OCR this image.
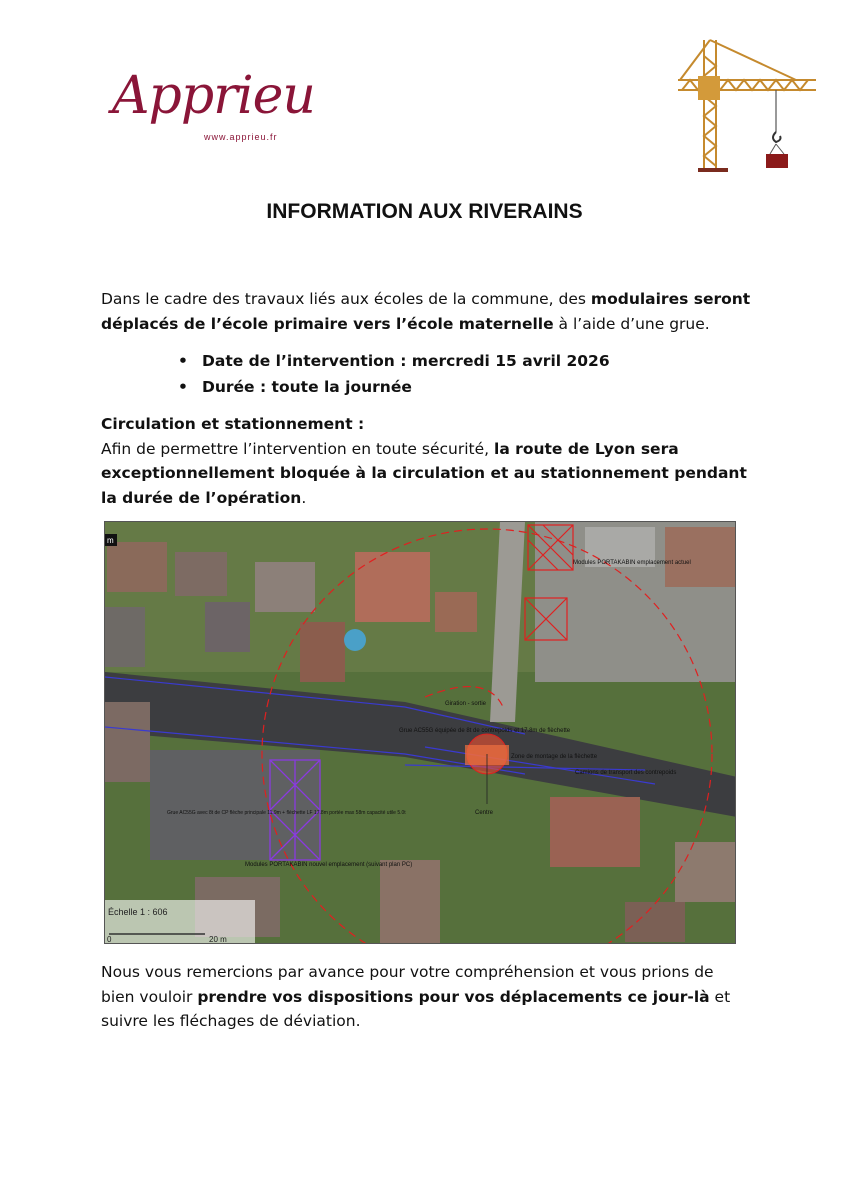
Apprieu
www.apprieu.fr
INFORMATION AUX RIVERAINS
Dans le cadre des travaux liés aux écoles de la commune, des modulaires seront déplacés de l’école primaire vers l’école maternelle à l’aide d’une grue.
• Date de l’intervention : mercredi 15 avril 2026
• Durée : toute la journée
Circulation et stationnement :
Afin de permettre l’intervention en toute sécurité, la route de Lyon sera exceptionnellement bloquée à la circulation et au stationnement pendant la durée de l’opération.
Modules PORTAKABIN emplacement actuel
Giration - sortie
Grue AC55G équipée de 8t de contrepoids et 17.8m de flèchette
Zone de montage de la flèchette
Camions de transport des contrepoids
Centre
Grue AC55G avec 8t de CP flèche principale 11.9m + flèchette LF 17.8m portée max 58m capacité utile 5.0t
Modules PORTAKABIN nouvel emplacement (suivant plan PC)
m
Échelle 1 : 606
0	20 m
Nous vous remercions par avance pour votre compréhension et vous prions de bien vouloir prendre vos dispositions pour vos déplacements ce jour-là et suivre les fléchages de déviation.
